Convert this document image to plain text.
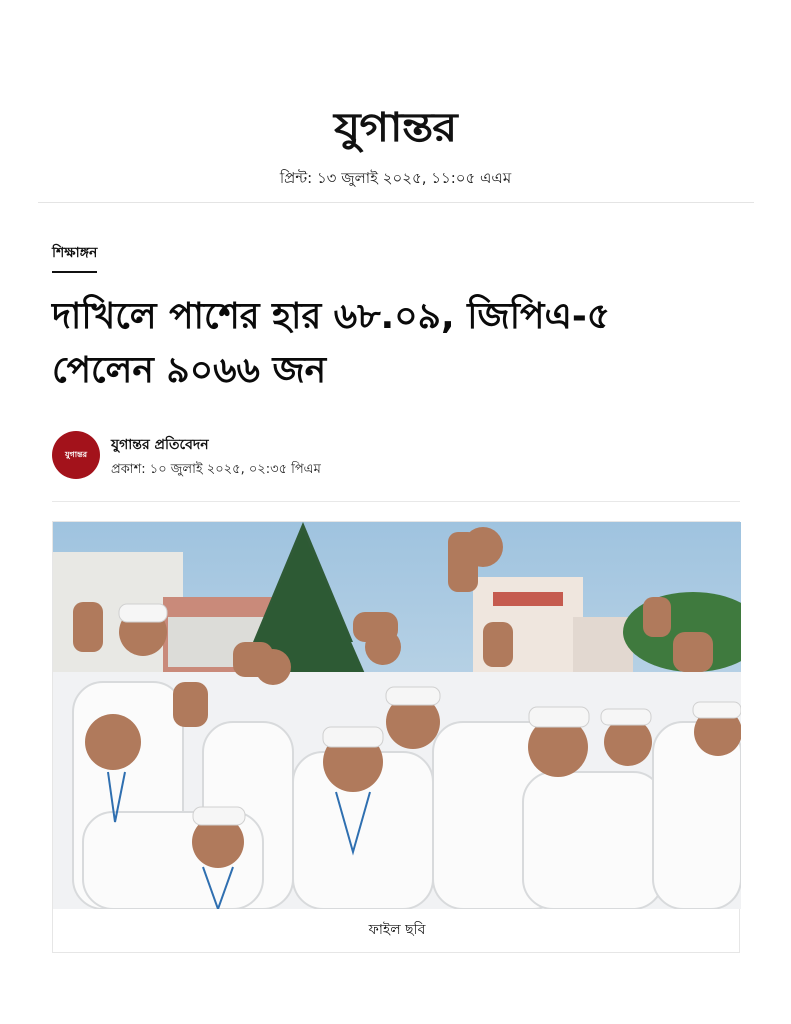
যুগান্তর
প্রিন্ট: ১৩ জুলাই ২০২৫, ১১:০৫ এএম
শিক্ষাঙ্গন
দাখিলে পাশের হার ৬৮.০৯, জিপিএ-৫
পেলেন ৯০৬৬ জন
যুগান্তর
যুগান্তর প্রতিবেদন
প্রকাশ: ১০ জুলাই ২০২৫, ০২:৩৫ পিএম
ফাইল ছবি
